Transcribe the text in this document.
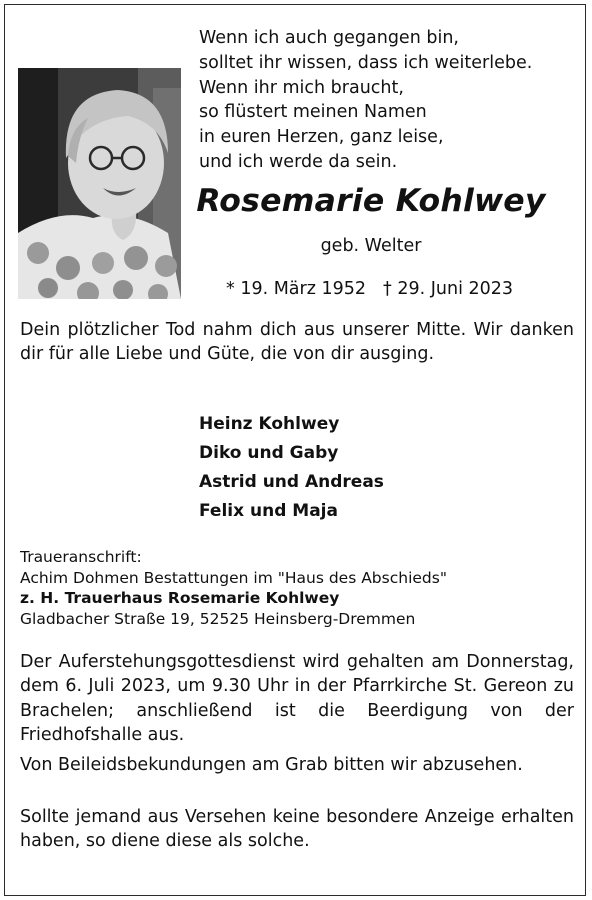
Wenn ich auch gegangen bin,
solltet ihr wissen, dass ich weiterlebe.
Wenn ihr mich braucht,
so flüstert meinen Namen
in euren Herzen, ganz leise,
und ich werde da sein.
Rosemarie Kohlwey
geb. Welter
* 19. März 1952 † 29. Juni 2023
Dein plötzlicher Tod nahm dich aus unserer Mitte. Wir danken dir für alle Liebe und Güte, die von dir ausging.
Heinz Kohlwey
Diko und Gaby
Astrid und Andreas
Felix und Maja
Traueranschrift:
Achim Dohmen Bestattungen im "Haus des Abschieds"
z. H. Trauerhaus Rosemarie Kohlwey
Gladbacher Straße 19, 52525 Heinsberg-Dremmen
Der Auferstehungsgottesdienst wird gehalten am Donnerstag, dem 6. Juli 2023, um 9.30 Uhr in der Pfarrkirche St. Gereon zu Brachelen; anschließend ist die Beerdigung von der Friedhofshalle aus.
Von Beileidsbekundungen am Grab bitten wir abzusehen.
Sollte jemand aus Versehen keine besondere Anzeige erhalten haben, so diene diese als solche.
